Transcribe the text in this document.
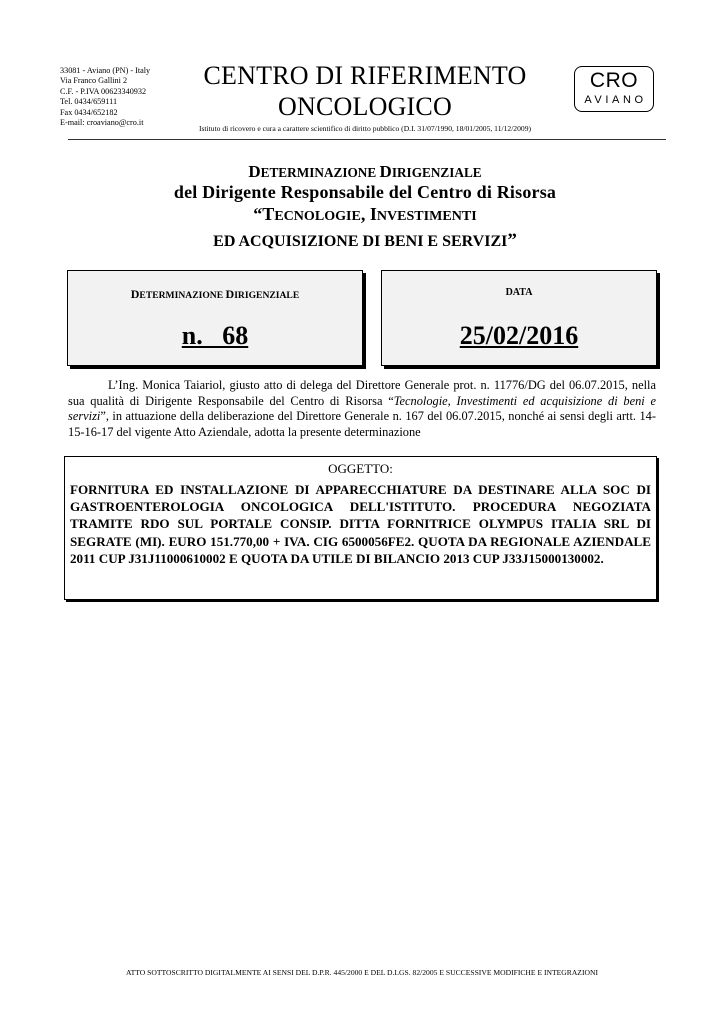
33081 - Aviano (PN) - Italy
Via Franco Gallini 2
C.F. - P.IVA 00623340932
Tel. 0434/659111
Fax 0434/652182
E-mail: croaviano@cro.it
CENTRO DI RIFERIMENTO
ONCOLOGICO
Istituto di ricovero e cura a carattere scientifico di diritto pubblico (D.I. 31/07/1990, 18/01/2005, 11/12/2009)
CRO
AVIANO
DETERMINAZIONE DIRIGENZIALE
del Dirigente Responsabile del Centro di Risorsa
“TECNOLOGIE, INVESTIMENTI
ED ACQUISIZIONE DI BENI E SERVIZI”
DETERMINAZIONE DIRIGENZIALE
n.   68
DATA
25/02/2016
L’Ing. Monica Taiariol, giusto atto di delega del Direttore Generale prot. n. 11776/DG del 06.07.2015, nella sua qualità di Dirigente Responsabile del Centro di Risorsa “Tecnologie, Investimenti ed acquisizione di beni e servizi”, in attuazione della deliberazione del Direttore Generale n. 167 del 06.07.2015, nonché ai sensi degli artt. 14-15-16-17 del vigente Atto Aziendale, adotta la presente determinazione
OGGETTO:
FORNITURA ED INSTALLAZIONE DI APPARECCHIATURE DA DESTINARE ALLA SOC DI GASTROENTEROLOGIA ONCOLOGICA DELL'ISTITUTO. PROCEDURA NEGOZIATA TRAMITE RDO SUL PORTALE CONSIP. DITTA FORNITRICE OLYMPUS ITALIA SRL DI SEGRATE (MI). EURO 151.770,00 + IVA. CIG 6500056FE2. QUOTA DA REGIONALE AZIENDALE 2011 CUP J31J11000610002 E QUOTA DA UTILE DI BILANCIO 2013 CUP J33J15000130002.
ATTO SOTTOSCRITTO DIGITALMENTE AI SENSI DEL D.P.R. 445/2000 E DEL D.LGS. 82/2005 E SUCCESSIVE MODIFICHE E INTEGRAZIONI
